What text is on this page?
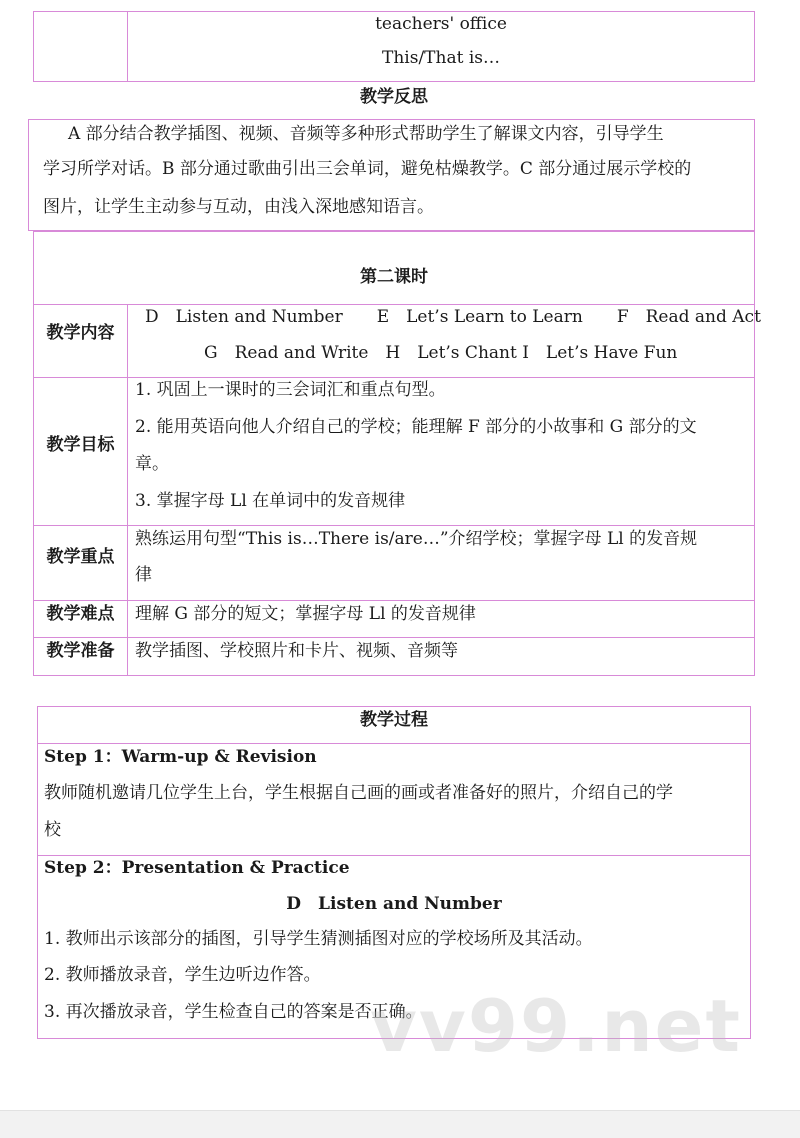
teachers' office
This/That is…
教学反思
A 部分结合教学插图、视频、音频等多种形式帮助学生了解课文内容，引导学生
学习所学对话。B 部分通过歌曲引出三会单词，避免枯燥教学。C 部分通过展示学校的
图片，让学生主动参与互动，由浅入深地感知语言。
第二课时
教学内容
D　Listen and Number　　E　Let’s Learn to Learn　　F　Read and Act
G　Read and Write　H　Let’s Chant I　Let’s Have Fun
教学目标
1. 巩固上一课时的三会词汇和重点句型。
2. 能用英语向他人介绍自己的学校；能理解 F 部分的小故事和 G 部分的文
章。
3. 掌握字母 Ll 在单词中的发音规律
教学重点
熟练运用句型“This is…There is/are…”介绍学校；掌握字母 Ll 的发音规
律
教学难点	理解 G 部分的短文；掌握字母 Ll 的发音规律
教学准备	教学插图、学校照片和卡片、视频、音频等
教学过程
Step 1：Warm-up & Revision
教师随机邀请几位学生上台，学生根据自己画的画或者准备好的照片，介绍自己的学
校
Step 2：Presentation & Practice
D　Listen and Number
1. 教师出示该部分的插图，引导学生猜测插图对应的学校场所及其活动。
2. 教师播放录音，学生边听边作答。
3. 再次播放录音，学生检查自己的答案是否正确。
vv99.net
